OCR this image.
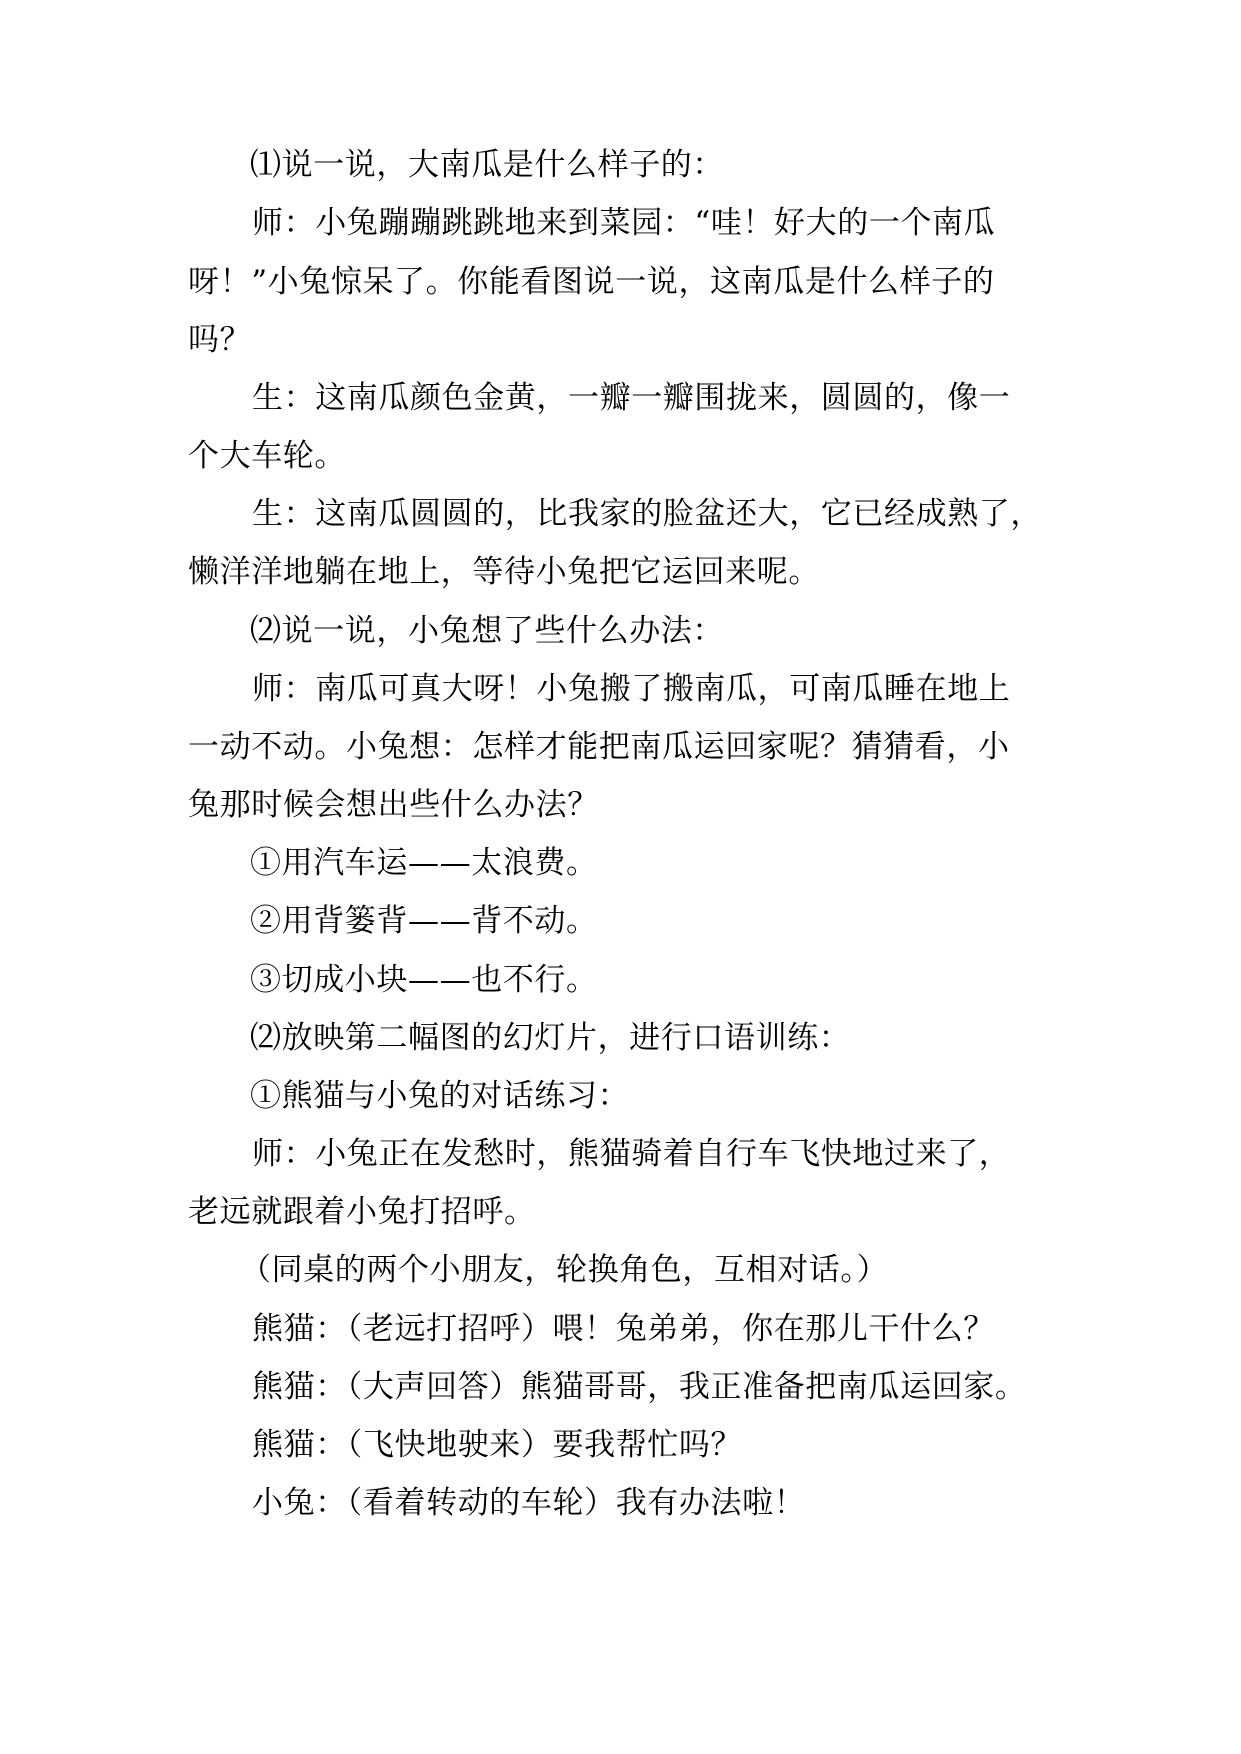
⑴说一说，大南瓜是什么样子的：
师：小兔蹦蹦跳跳地来到菜园：“哇！好大的一个南瓜
呀！”小兔惊呆了。你能看图说一说，这南瓜是什么样子的
吗？
生：这南瓜颜色金黄，一瓣一瓣围拢来，圆圆的，像一
个大车轮。
生：这南瓜圆圆的，比我家的脸盆还大，它已经成熟了，
懒洋洋地躺在地上，等待小兔把它运回来呢。
⑵说一说，小兔想了些什么办法：
师：南瓜可真大呀！小兔搬了搬南瓜，可南瓜睡在地上
一动不动。小兔想：怎样才能把南瓜运回家呢？猜猜看，小
兔那时候会想出些什么办法？
①用汽车运——太浪费。
②用背篓背——背不动。
③切成小块——也不行。
⑵放映第二幅图的幻灯片，进行口语训练：
①熊猫与小兔的对话练习：
师：小兔正在发愁时，熊猫骑着自行车飞快地过来了，
老远就跟着小兔打招呼。
（同桌的两个小朋友，轮换角色，互相对话。）
熊猫：（老远打招呼）喂！兔弟弟，你在那儿干什么？
熊猫：（大声回答）熊猫哥哥，我正准备把南瓜运回家。
熊猫：（飞快地驶来）要我帮忙吗？
小兔：（看着转动的车轮）我有办法啦！
